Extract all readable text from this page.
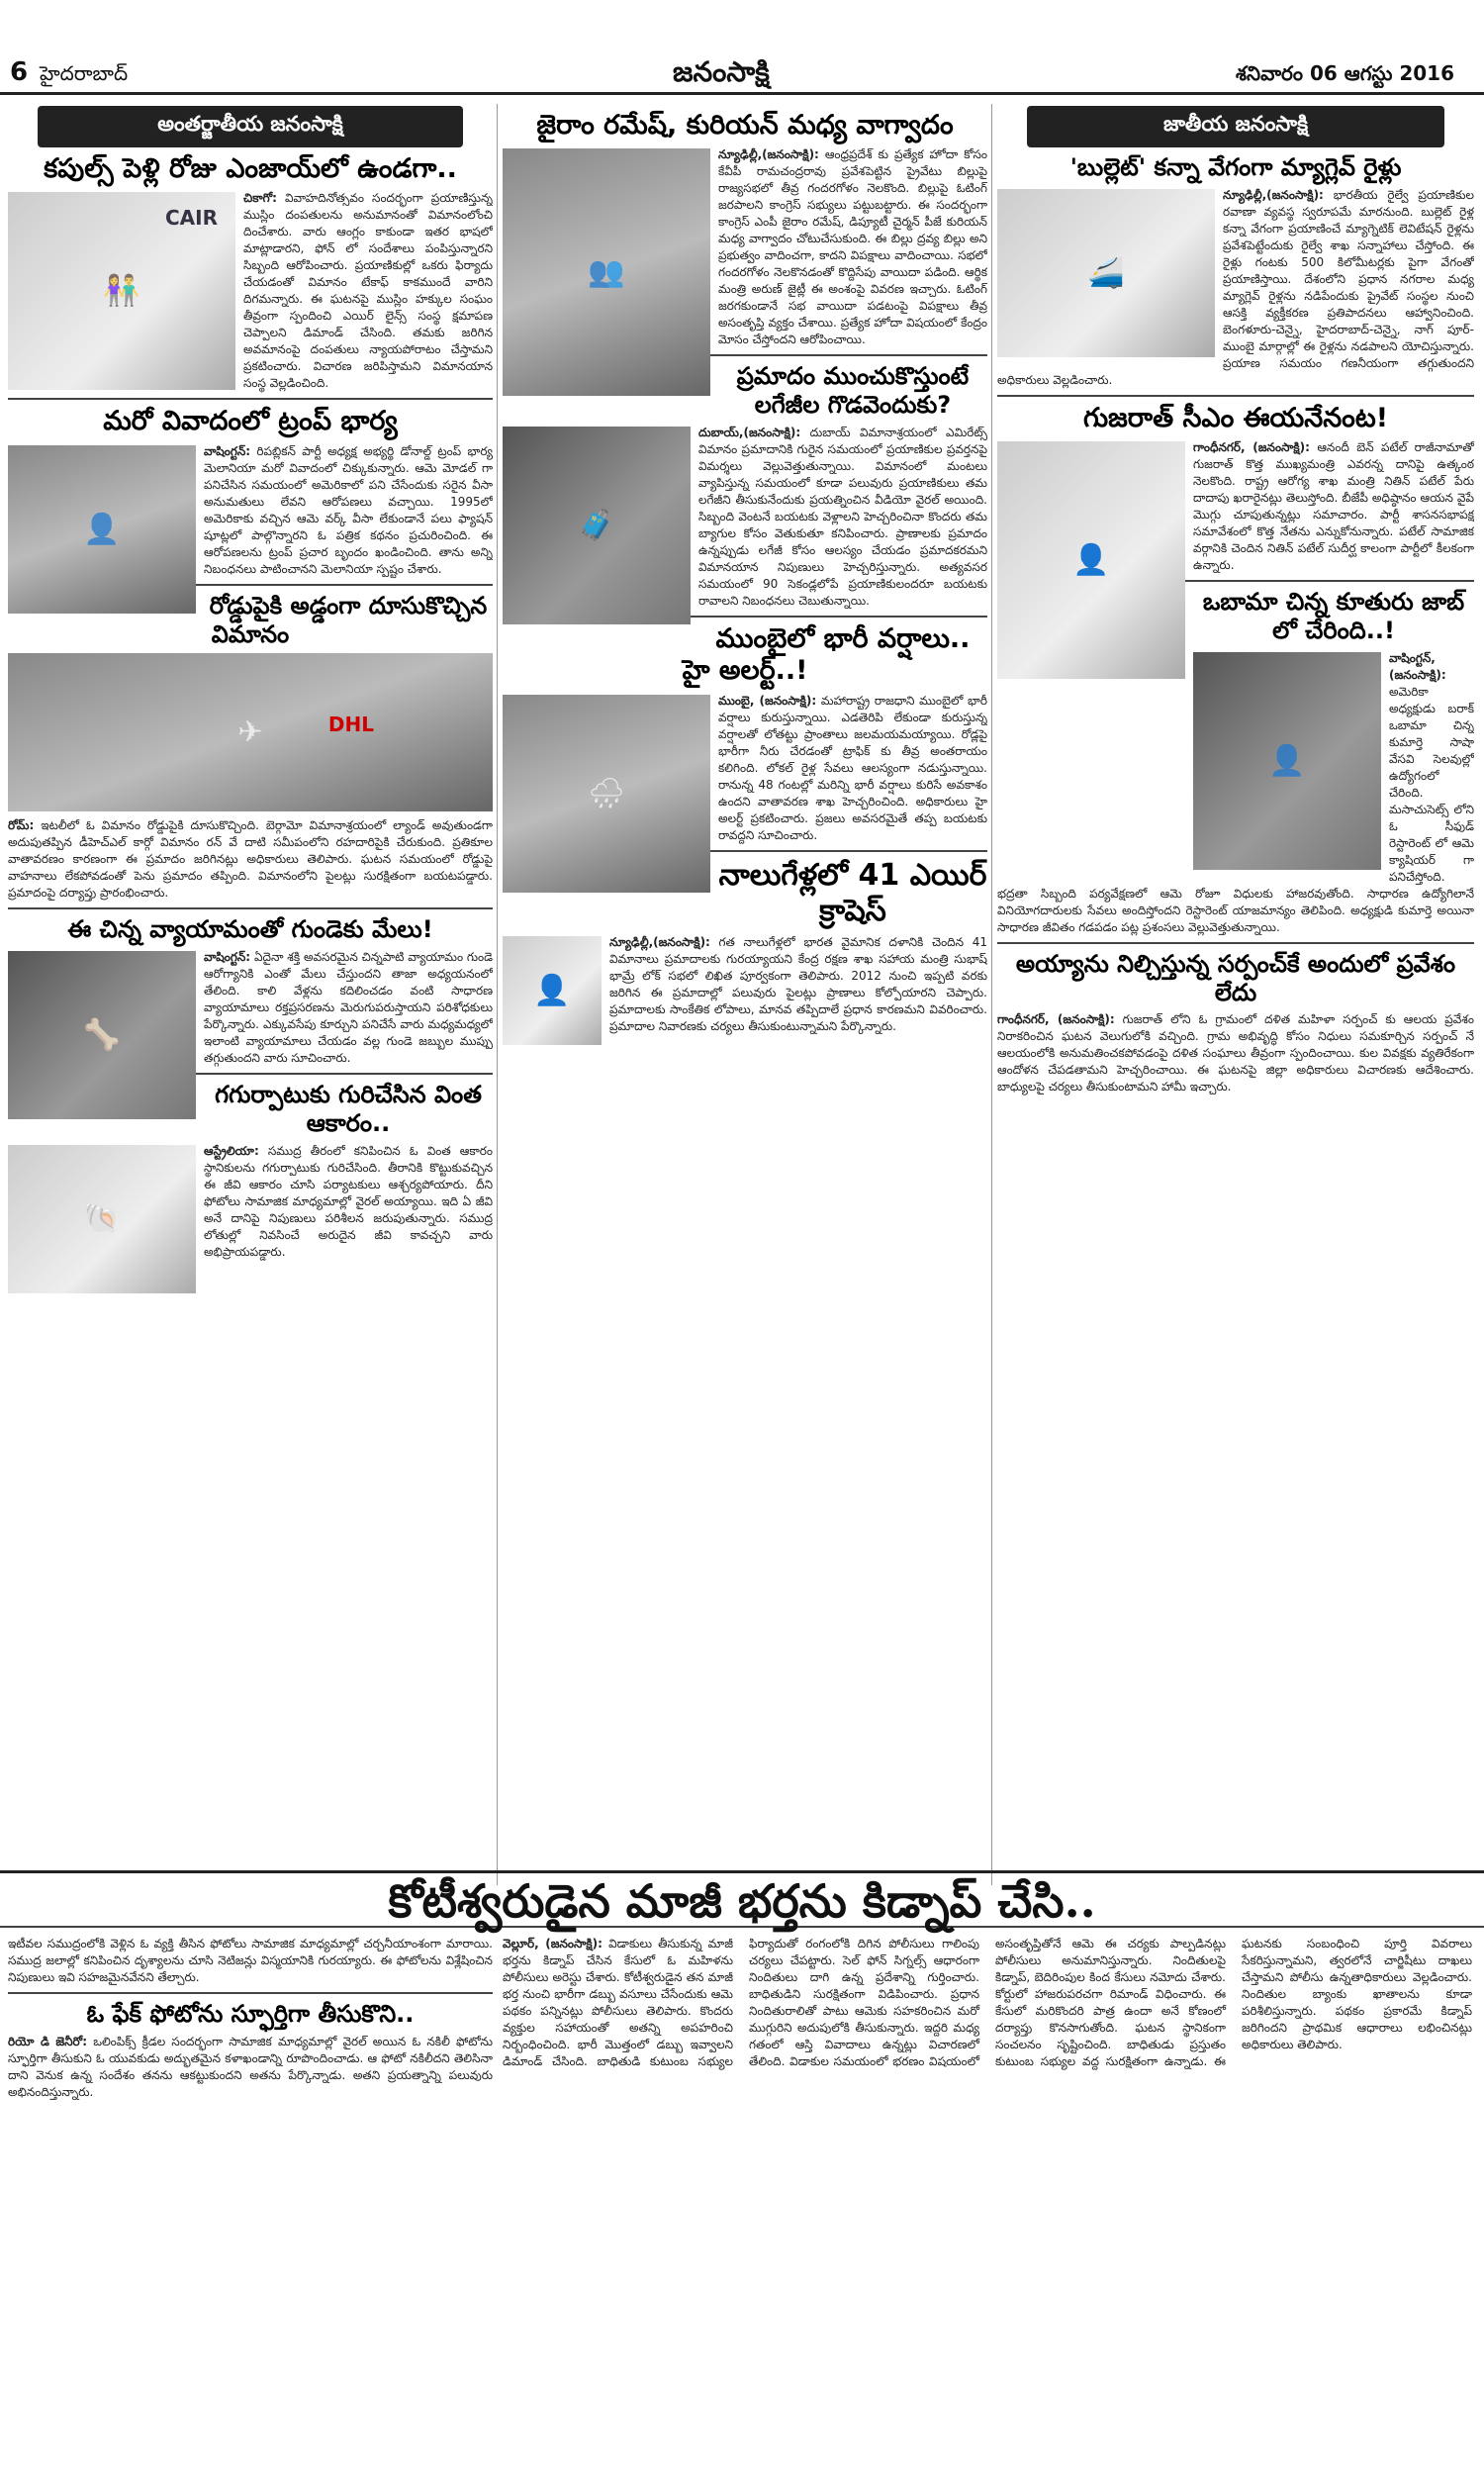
6 హైదరాబాద్	జనంసాక్షి	శనివారం 06 ఆగస్టు 2016
అంతర్జాతీయ జనంసాక్షి
కపుల్స్ పెళ్లి రోజు ఎంజాయ్‌లో ఉండగా..
CAIR
👫

చికాగో: వివాహదినోత్సవం సందర్భంగా ప్రయాణిస్తున్న ముస్లిం దంపతులను అనుమానంతో విమానంలోంచి దించేశారు. వారు ఆంగ్లం కాకుండా ఇతర భాషలో మాట్లాడారని, ఫోన్ లో సందేశాలు పంపిస్తున్నారని సిబ్బంది ఆరోపించారు. ప్రయాణికుల్లో ఒకరు ఫిర్యాదు చేయడంతో విమానం టేకాఫ్ కాకముందే వారిని దిగమన్నారు. ఈ ఘటనపై ముస్లిం హక్కుల సంఘం తీవ్రంగా స్పందించి ఎయిర్ లైన్స్ సంస్థ క్షమాపణ చెప్పాలని డిమాండ్ చేసింది. తమకు జరిగిన అవమానంపై దంపతులు న్యాయపోరాటం చేస్తామని ప్రకటించారు. విచారణ జరిపిస్తామని విమానయాన సంస్థ వెల్లడించింది.

మరో వివాదంలో ట్రంప్ భార్య
👤

వాషింగ్టన్: రిపబ్లికన్ పార్టీ అధ్యక్ష అభ్యర్థి డోనాల్డ్ ట్రంప్ భార్య మెలానియా మరో వివాదంలో చిక్కుకున్నారు. ఆమె మోడల్ గా పనిచేసిన సమయంలో అమెరికాలో పని చేసేందుకు సరైన వీసా అనుమతులు లేవని ఆరోపణలు వచ్చాయి. 1995లో అమెరికాకు వచ్చిన ఆమె వర్క్ వీసా లేకుండానే పలు ఫ్యాషన్ షూట్లలో పాల్గొన్నారని ఓ పత్రిక కథనం ప్రచురించింది. ఈ ఆరోపణలను ట్రంప్ ప్రచార బృందం ఖండించింది. తాను అన్ని నిబంధనలు పాటించానని మెలానియా స్పష్టం చేశారు.

రోడ్డుపైకి అడ్డంగా దూసుకొచ్చిన విమానం
DHL
✈

రోమ్: ఇటలీలో ఓ విమానం రోడ్డుపైకి దూసుకొచ్చింది. బెర్గామో విమానాశ్రయంలో ల్యాండ్ అవుతుండగా అదుపుతప్పిన డీహెచ్ఎల్ కార్గో విమానం రన్ వే దాటి సమీపంలోని రహదారిపైకి చేరుకుంది. ప్రతికూల వాతావరణం కారణంగా ఈ ప్రమాదం జరిగినట్లు అధికారులు తెలిపారు. ఘటన సమయంలో రోడ్డుపై వాహనాలు లేకపోవడంతో పెను ప్రమాదం తప్పింది. విమానంలోని పైలట్లు సురక్షితంగా బయటపడ్డారు. ప్రమాదంపై దర్యాప్తు ప్రారంభించారు.

ఈ చిన్న వ్యాయామంతో గుండెకు మేలు!
🦴

వాషింగ్టన్: ఏదైనా శక్తి అవసరమైన చిన్నపాటి వ్యాయామం గుండె ఆరోగ్యానికి ఎంతో మేలు చేస్తుందని తాజా అధ్యయనంలో తేలింది. కాలి వేళ్లను కదిలించడం వంటి సాధారణ వ్యాయామాలు రక్తప్రసరణను మెరుగుపరుస్తాయని పరిశోధకులు పేర్కొన్నారు. ఎక్కువసేపు కూర్చుని పనిచేసే వారు మధ్యమధ్యలో ఇలాంటి వ్యాయామాలు చేయడం వల్ల గుండె జబ్బుల ముప్పు తగ్గుతుందని వారు సూచించారు.

గగుర్పాటుకు గురిచేసిన వింత ఆకారం..
🐚

ఆస్ట్రేలియా: సముద్ర తీరంలో కనిపించిన ఓ వింత ఆకారం స్థానికులను గగుర్పాటుకు గురిచేసింది. తీరానికి కొట్టుకువచ్చిన ఈ జీవి ఆకారం చూసి పర్యాటకులు ఆశ్చర్యపోయారు. దీని ఫోటోలు సామాజిక మాధ్యమాల్లో వైరల్ అయ్యాయి. ఇది ఏ జీవి అనే దానిపై నిపుణులు పరిశీలన జరుపుతున్నారు. సముద్ర లోతుల్లో నివసించే అరుదైన జీవి కావచ్చని వారు అభిప్రాయపడ్డారు.

జైరాం రమేష్, కురియన్ మధ్య వాగ్వాదం
👥

న్యూఢిల్లీ,(జనంసాక్షి): ఆంధ్రప్రదేశ్ కు ప్రత్యేక హోదా కోసం కేవీపీ రామచంద్రరావు ప్రవేశపెట్టిన ప్రైవేటు బిల్లుపై రాజ్యసభలో తీవ్ర గందరగోళం నెలకొంది. బిల్లుపై ఓటింగ్ జరపాలని కాంగ్రెస్ సభ్యులు పట్టుబట్టారు. ఈ సందర్భంగా కాంగ్రెస్ ఎంపీ జైరాం రమేష్, డిప్యూటీ చైర్మన్ పీజే కురియన్ మధ్య వాగ్వాదం చోటుచేసుకుంది. ఈ బిల్లు ద్రవ్య బిల్లు అని ప్రభుత్వం వాదించగా, కాదని విపక్షాలు వాదించాయి. సభలో గందరగోళం నెలకొనడంతో కొద్దిసేపు వాయిదా పడింది. ఆర్థిక మంత్రి అరుణ్ జైట్లీ ఈ అంశంపై వివరణ ఇచ్చారు. ఓటింగ్ జరగకుండానే సభ వాయిదా పడటంపై విపక్షాలు తీవ్ర అసంతృప్తి వ్యక్తం చేశాయి. ప్రత్యేక హోదా విషయంలో కేంద్రం మోసం చేస్తోందని ఆరోపించాయి.

ప్రమాదం ముంచుకొస్తుంటే లగేజీల గొడవెందుకు?
🧳

దుబాయ్,(జనంసాక్షి): దుబాయ్ విమానాశ్రయంలో ఎమిరేట్స్ విమానం ప్రమాదానికి గురైన సమయంలో ప్రయాణికుల ప్రవర్తనపై విమర్శలు వెల్లువెత్తుతున్నాయి. విమానంలో మంటలు వ్యాపిస్తున్న సమయంలో కూడా పలువురు ప్రయాణికులు తమ లగేజీని తీసుకునేందుకు ప్రయత్నించిన వీడియో వైరల్ అయింది. సిబ్బంది వెంటనే బయటకు వెళ్లాలని హెచ్చరించినా కొందరు తమ బ్యాగుల కోసం వెతుకుతూ కనిపించారు. ప్రాణాలకు ప్రమాదం ఉన్నప్పుడు లగేజీ కోసం ఆలస్యం చేయడం ప్రమాదకరమని విమానయాన నిపుణులు హెచ్చరిస్తున్నారు. అత్యవసర సమయంలో 90 సెకండ్లలోపే ప్రయాణికులందరూ బయటకు రావాలని నిబంధనలు చెబుతున్నాయి.

ముంబైలో భారీ వర్షాలు.. హై అలర్ట్..!
🌧

ముంబై, (జనంసాక్షి): మహారాష్ట్ర రాజధాని ముంబైలో భారీ వర్షాలు కురుస్తున్నాయి. ఎడతెరిపి లేకుండా కురుస్తున్న వర్షాలతో లోతట్టు ప్రాంతాలు జలమయమయ్యాయి. రోడ్లపై భారీగా నీరు చేరడంతో ట్రాఫిక్ కు తీవ్ర అంతరాయం కలిగింది. లోకల్ రైళ్ల సేవలు ఆలస్యంగా నడుస్తున్నాయి. రానున్న 48 గంటల్లో మరిన్ని భారీ వర్షాలు కురిసే అవకాశం ఉందని వాతావరణ శాఖ హెచ్చరించింది. అధికారులు హై అలర్ట్ ప్రకటించారు. ప్రజలు అవసరమైతే తప్ప బయటకు రావద్దని సూచించారు.

నాలుగేళ్లలో 41 ఎయిర్ క్రాషెస్
👤

న్యూఢిల్లీ,(జనంసాక్షి): గత నాలుగేళ్లలో భారత వైమానిక దళానికి చెందిన 41 విమానాలు ప్రమాదాలకు గురయ్యాయని కేంద్ర రక్షణ శాఖ సహాయ మంత్రి సుభాష్ భామ్రే లోక్ సభలో లిఖిత పూర్వకంగా తెలిపారు. 2012 నుంచి ఇప్పటి వరకు జరిగిన ఈ ప్రమాదాల్లో పలువురు పైలట్లు ప్రాణాలు కోల్పోయారని చెప్పారు. ప్రమాదాలకు సాంకేతిక లోపాలు, మానవ తప్పిదాలే ప్రధాన కారణమని వివరించారు. ప్రమాదాల నివారణకు చర్యలు తీసుకుంటున్నామని పేర్కొన్నారు.

జాతీయ జనంసాక్షి
'బుల్లెట్' కన్నా వేగంగా మ్యాగ్లెవ్ రైళ్లు
🚄

న్యూఢిల్లీ,(జనంసాక్షి): భారతీయ రైల్వే ప్రయాణికుల రవాణా వ్యవస్థ స్వరూపమే మారనుంది. బుల్లెట్ రైళ్ల కన్నా వేగంగా ప్రయాణించే మ్యాగ్నెటిక్ లెవిటేషన్ రైళ్లను ప్రవేశపెట్టేందుకు రైల్వే శాఖ సన్నాహాలు చేస్తోంది. ఈ రైళ్లు గంటకు 500 కిలోమీటర్లకు పైగా వేగంతో ప్రయాణిస్తాయి. దేశంలోని ప్రధాన నగరాల మధ్య మ్యాగ్లెవ్ రైళ్లను నడిపేందుకు ప్రైవేట్ సంస్థల నుంచి ఆసక్తి వ్యక్తీకరణ ప్రతిపాదనలు ఆహ్వానించింది. బెంగళూరు-చెన్నై, హైదరాబాద్-చెన్నై, నాగ్ పూర్-ముంబై మార్గాల్లో ఈ రైళ్లను నడపాలని యోచిస్తున్నారు. ప్రయాణ సమయం గణనీయంగా తగ్గుతుందని అధికారులు వెల్లడించారు.

గుజరాత్ సీఎం ఈయనేనంట!
👤

గాంధీనగర్, (జనంసాక్షి): ఆనందీ బెన్ పటేల్ రాజీనామాతో గుజరాత్ కొత్త ముఖ్యమంత్రి ఎవరన్న దానిపై ఉత్కంఠ నెలకొంది. రాష్ట్ర ఆరోగ్య శాఖ మంత్రి నితిన్ పటేల్ పేరు దాదాపు ఖరారైనట్లు తెలుస్తోంది. బీజేపీ అధిష్ఠానం ఆయన వైపే మొగ్గు చూపుతున్నట్లు సమాచారం. పార్టీ శాసనసభాపక్ష సమావేశంలో కొత్త నేతను ఎన్నుకోనున్నారు. పటేల్ సామాజిక వర్గానికి చెందిన నితిన్ పటేల్ సుదీర్ఘ కాలంగా పార్టీలో కీలకంగా ఉన్నారు.

ఒబామా చిన్న కూతురు జాబ్ లో చేరింది..!
👤

వాషింగ్టన్, (జనంసాక్షి): అమెరికా అధ్యక్షుడు బరాక్ ఒబామా చిన్న కుమార్తె సాషా వేసవి సెలవుల్లో ఉద్యోగంలో చేరింది. మసాచుసెట్స్ లోని ఓ సీఫుడ్ రెస్టారెంట్ లో ఆమె క్యాషియర్ గా పనిచేస్తోంది. భద్రతా సిబ్బంది పర్యవేక్షణలో ఆమె రోజూ విధులకు హాజరవుతోంది. సాధారణ ఉద్యోగిలానే వినియోగదారులకు సేవలు అందిస్తోందని రెస్టారెంట్ యాజమాన్యం తెలిపింది. అధ్యక్షుడి కుమార్తె అయినా సాధారణ జీవితం గడపడం పట్ల ప్రశంసలు వెల్లువెత్తుతున్నాయి.

అయ్యాను నిల్చిస్తున్న సర్పంచ్‌కే అందులో ప్రవేశం లేదు

గాంధీనగర్, (జనంసాక్షి): గుజరాత్ లోని ఓ గ్రామంలో దళిత మహిళా సర్పంచ్ కు ఆలయ ప్రవేశం నిరాకరించిన ఘటన వెలుగులోకి వచ్చింది. గ్రామ అభివృద్ధి కోసం నిధులు సమకూర్చిన సర్పంచ్ నే ఆలయంలోకి అనుమతించకపోవడంపై దళిత సంఘాలు తీవ్రంగా స్పందించాయి. కుల వివక్షకు వ్యతిరేకంగా ఆందోళన చేపడతామని హెచ్చరించాయి. ఈ ఘటనపై జిల్లా అధికారులు విచారణకు ఆదేశించారు. బాధ్యులపై చర్యలు తీసుకుంటామని హామీ ఇచ్చారు.

కోటీశ్వరుడైన మాజీ భర్తను కిడ్నాప్ చేసి..

ఇటీవల సముద్రంలోకి వెళ్లిన ఓ వ్యక్తి తీసిన ఫోటోలు సామాజిక మాధ్యమాల్లో చర్చనీయాంశంగా మారాయి. సముద్ర జలాల్లో కనిపించిన దృశ్యాలను చూసి నెటిజన్లు విస్మయానికి గురయ్యారు. ఈ ఫోటోలను విశ్లేషించిన నిపుణులు ఇవి సహజమైనవేనని తేల్చారు.

ఓ ఫేక్ ఫోటోను స్ఫూర్తిగా తీసుకొని..

రియో డి జెనీరో: ఒలింపిక్స్ క్రీడల సందర్భంగా సామాజిక మాధ్యమాల్లో వైరల్ అయిన ఓ నకిలీ ఫోటోను స్ఫూర్తిగా తీసుకుని ఓ యువకుడు అద్భుతమైన కళాఖండాన్ని రూపొందించాడు. ఆ ఫోటో నకిలీదని తెలిసినా దాని వెనుక ఉన్న సందేశం తనను ఆకట్టుకుందని అతను పేర్కొన్నాడు. అతని ప్రయత్నాన్ని పలువురు అభినందిస్తున్నారు.

వెల్లూర్, (జనంసాక్షి): విడాకులు తీసుకున్న మాజీ భర్తను కిడ్నాప్ చేసిన కేసులో ఓ మహిళను పోలీసులు అరెస్టు చేశారు. కోటీశ్వరుడైన తన మాజీ భర్త నుంచి భారీగా డబ్బు వసూలు చేసేందుకు ఆమె పథకం పన్నినట్లు పోలీసులు తెలిపారు. కొందరు వ్యక్తుల సహాయంతో అతన్ని అపహరించి నిర్బంధించింది. భారీ మొత్తంలో డబ్బు ఇవ్వాలని డిమాండ్ చేసింది. బాధితుడి కుటుంబ సభ్యుల ఫిర్యాదుతో రంగంలోకి దిగిన పోలీసులు గాలింపు చర్యలు చేపట్టారు. సెల్ ఫోన్ సిగ్నల్స్ ఆధారంగా నిందితులు దాగి ఉన్న ప్రదేశాన్ని గుర్తించారు. బాధితుడిని సురక్షితంగా విడిపించారు. ప్రధాన నిందితురాలితో పాటు ఆమెకు సహకరించిన మరో ముగ్గురిని అదుపులోకి తీసుకున్నారు. ఇద్దరి మధ్య గతంలో ఆస్తి వివాదాలు ఉన్నట్లు విచారణలో తేలింది. విడాకుల సమయంలో భరణం విషయంలో అసంతృప్తితోనే ఆమె ఈ చర్యకు పాల్పడినట్లు పోలీసులు అనుమానిస్తున్నారు. నిందితులపై కిడ్నాప్, బెదిరింపుల కింద కేసులు నమోదు చేశారు. కోర్టులో హాజరుపరచగా రిమాండ్ విధించారు. ఈ కేసులో మరికొందరి పాత్ర ఉందా అనే కోణంలో దర్యాప్తు కొనసాగుతోంది. ఘటన స్థానికంగా సంచలనం సృష్టించింది. బాధితుడు ప్రస్తుతం కుటుంబ సభ్యుల వద్ద సురక్షితంగా ఉన్నాడు. ఈ ఘటనకు సంబంధించి పూర్తి వివరాలు సేకరిస్తున్నామని, త్వరలోనే చార్జిషీటు దాఖలు చేస్తామని పోలీసు ఉన్నతాధికారులు వెల్లడించారు. నిందితుల బ్యాంకు ఖాతాలను కూడా పరిశీలిస్తున్నారు. పథకం ప్రకారమే కిడ్నాప్ జరిగిందని ప్రాథమిక ఆధారాలు లభించినట్లు అధికారులు తెలిపారు.
